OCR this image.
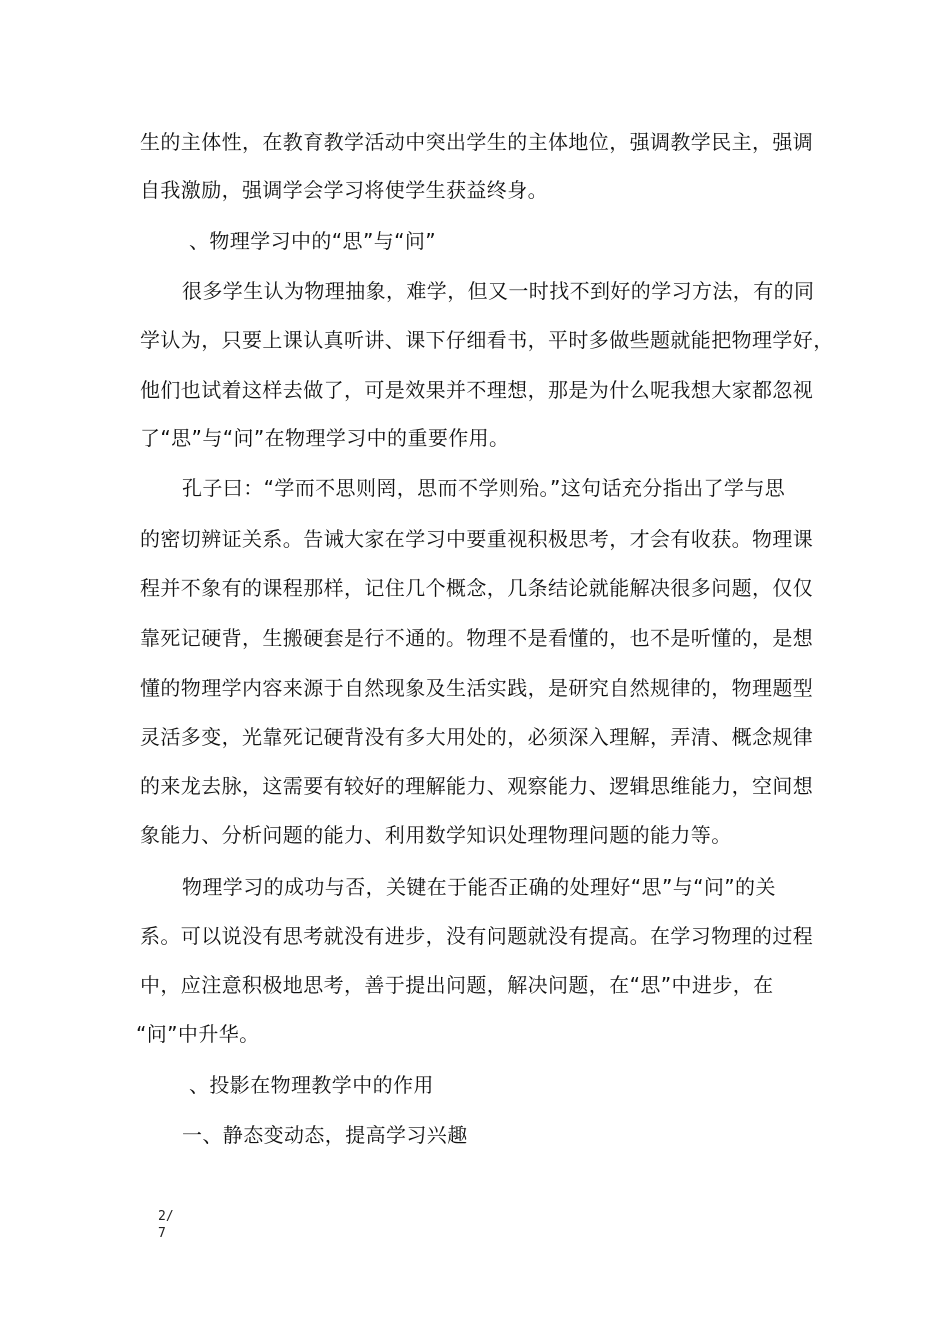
生的主体性，在教育教学活动中突出学生的主体地位，强调教学民主，强调
自我激励，强调学会学习将使学生获益终身。
、物理学习中的“思”与“问”
很多学生认为物理抽象，难学，但又一时找不到好的学习方法，有的同
学认为，只要上课认真听讲、课下仔细看书，平时多做些题就能把物理学好，
他们也试着这样去做了，可是效果并不理想，那是为什么呢我想大家都忽视
了“思”与“问”在物理学习中的重要作用。
孔子曰：“学而不思则罔，思而不学则殆。”这句话充分指出了学与思
的密切辨证关系。告诫大家在学习中要重视积极思考，才会有收获。物理课
程并不象有的课程那样，记住几个概念，几条结论就能解决很多问题，仅仅
靠死记硬背，生搬硬套是行不通的。物理不是看懂的，也不是听懂的，是想
懂的物理学内容来源于自然现象及生活实践，是研究自然规律的，物理题型
灵活多变，光靠死记硬背没有多大用处的，必须深入理解，弄清、概念规律
的来龙去脉，这需要有较好的理解能力、观察能力、逻辑思维能力，空间想
象能力、分析问题的能力、利用数学知识处理物理问题的能力等。
物理学习的成功与否，关键在于能否正确的处理好“思”与“问”的关
系。可以说没有思考就没有进步，没有问题就没有提高。在学习物理的过程
中，应注意积极地思考，善于提出问题，解决问题，在“思”中进步，在
“问”中升华。
、投影在物理教学中的作用
一、静态变动态，提高学习兴趣
2/
7
